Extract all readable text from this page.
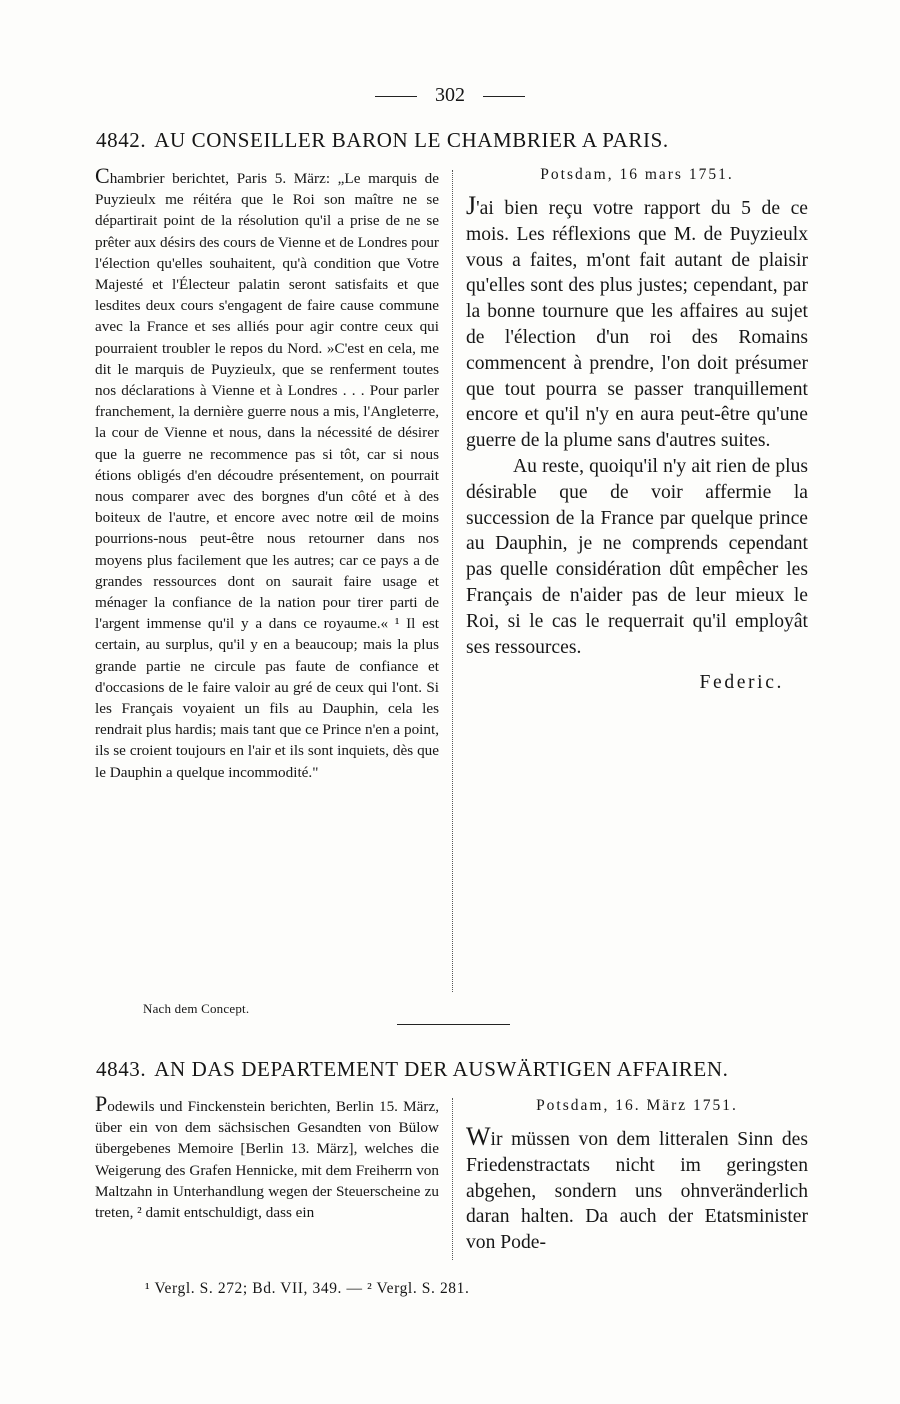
302
4842. AU CONSEILLER BARON LE CHAMBRIER A PARIS.

Chambrier berichtet, Paris 5. März: „Le marquis de Puyzieulx me réitéra que le Roi son maître ne se départirait point de la résolution qu'il a prise de ne se prêter aux désirs des cours de Vienne et de Londres pour l'élection qu'elles souhaitent, qu'à condition que Votre Majesté et l'Électeur palatin seront satisfaits et que lesdites deux cours s'engagent de faire cause commune avec la France et ses alliés pour agir contre ceux qui pourraient troubler le repos du Nord. »C'est en cela, me dit le marquis de Puyzieulx, que se renferment toutes nos déclarations à Vienne et à Londres . . . Pour parler franchement, la dernière guerre nous a mis, l'Angleterre, la cour de Vienne et nous, dans la nécessité de désirer que la guerre ne recommence pas si tôt, car si nous étions obligés d'en découdre présentement, on pourrait nous comparer avec des borgnes d'un côté et à des boiteux de l'autre, et encore avec notre œil de moins pourrions-nous peut-être nous retourner dans nos moyens plus facilement que les autres; car ce pays a de grandes ressources dont on saurait faire usage et ménager la confiance de la nation pour tirer parti de l'argent immense qu'il y a dans ce royaume.« ¹ Il est certain, au surplus, qu'il y en a beaucoup; mais la plus grande partie ne circule pas faute de confiance et d'occasions de le faire valoir au gré de ceux qui l'ont. Si les Français voyaient un fils au Dauphin, cela les rendrait plus hardis; mais tant que ce Prince n'en a point, ils se croient toujours en l'air et ils sont inquiets, dès que le Dauphin a quelque incommodité."

Potsdam, 16 mars 1751.

J'ai bien reçu votre rapport du 5 de ce mois. Les réflexions que M. de Puyzieulx vous a faites, m'ont fait autant de plaisir qu'elles sont des plus justes; cependant, par la bonne tournure que les affaires au sujet de l'élection d'un roi des Romains commencent à prendre, l'on doit présumer que tout pourra se passer tranquillement encore et qu'il n'y en aura peut-être qu'une guerre de la plume sans d'autres suites.

Au reste, quoiqu'il n'y ait rien de plus désirable que de voir affermie la succession de la France par quelque prince au Dauphin, je ne comprends cependant pas quelle considération dût empêcher les Français de n'aider pas de leur mieux le Roi, si le cas le requerrait qu'il employât ses ressources.

Federic.
Nach dem Concept.
4843. AN DAS DEPARTEMENT DER AUSWÄRTIGEN AFFAIREN.

Podewils und Finckenstein berichten, Berlin 15. März, über ein von dem sächsischen Gesandten von Bülow übergebenes Memoire [Berlin 13. März], welches die Weigerung des Grafen Hennicke, mit dem Freiherrn von Maltzahn in Unterhandlung wegen der Steuerscheine zu treten, ² damit entschuldigt, dass ein

Potsdam, 16. März 1751.

Wir müssen von dem litteralen Sinn des Friedenstractats nicht im geringsten abgehen, sondern uns ohnveränderlich daran halten. Da auch der Etatsminister von Pode-

¹ Vergl. S. 272; Bd. VII, 349. — ² Vergl. S. 281.
